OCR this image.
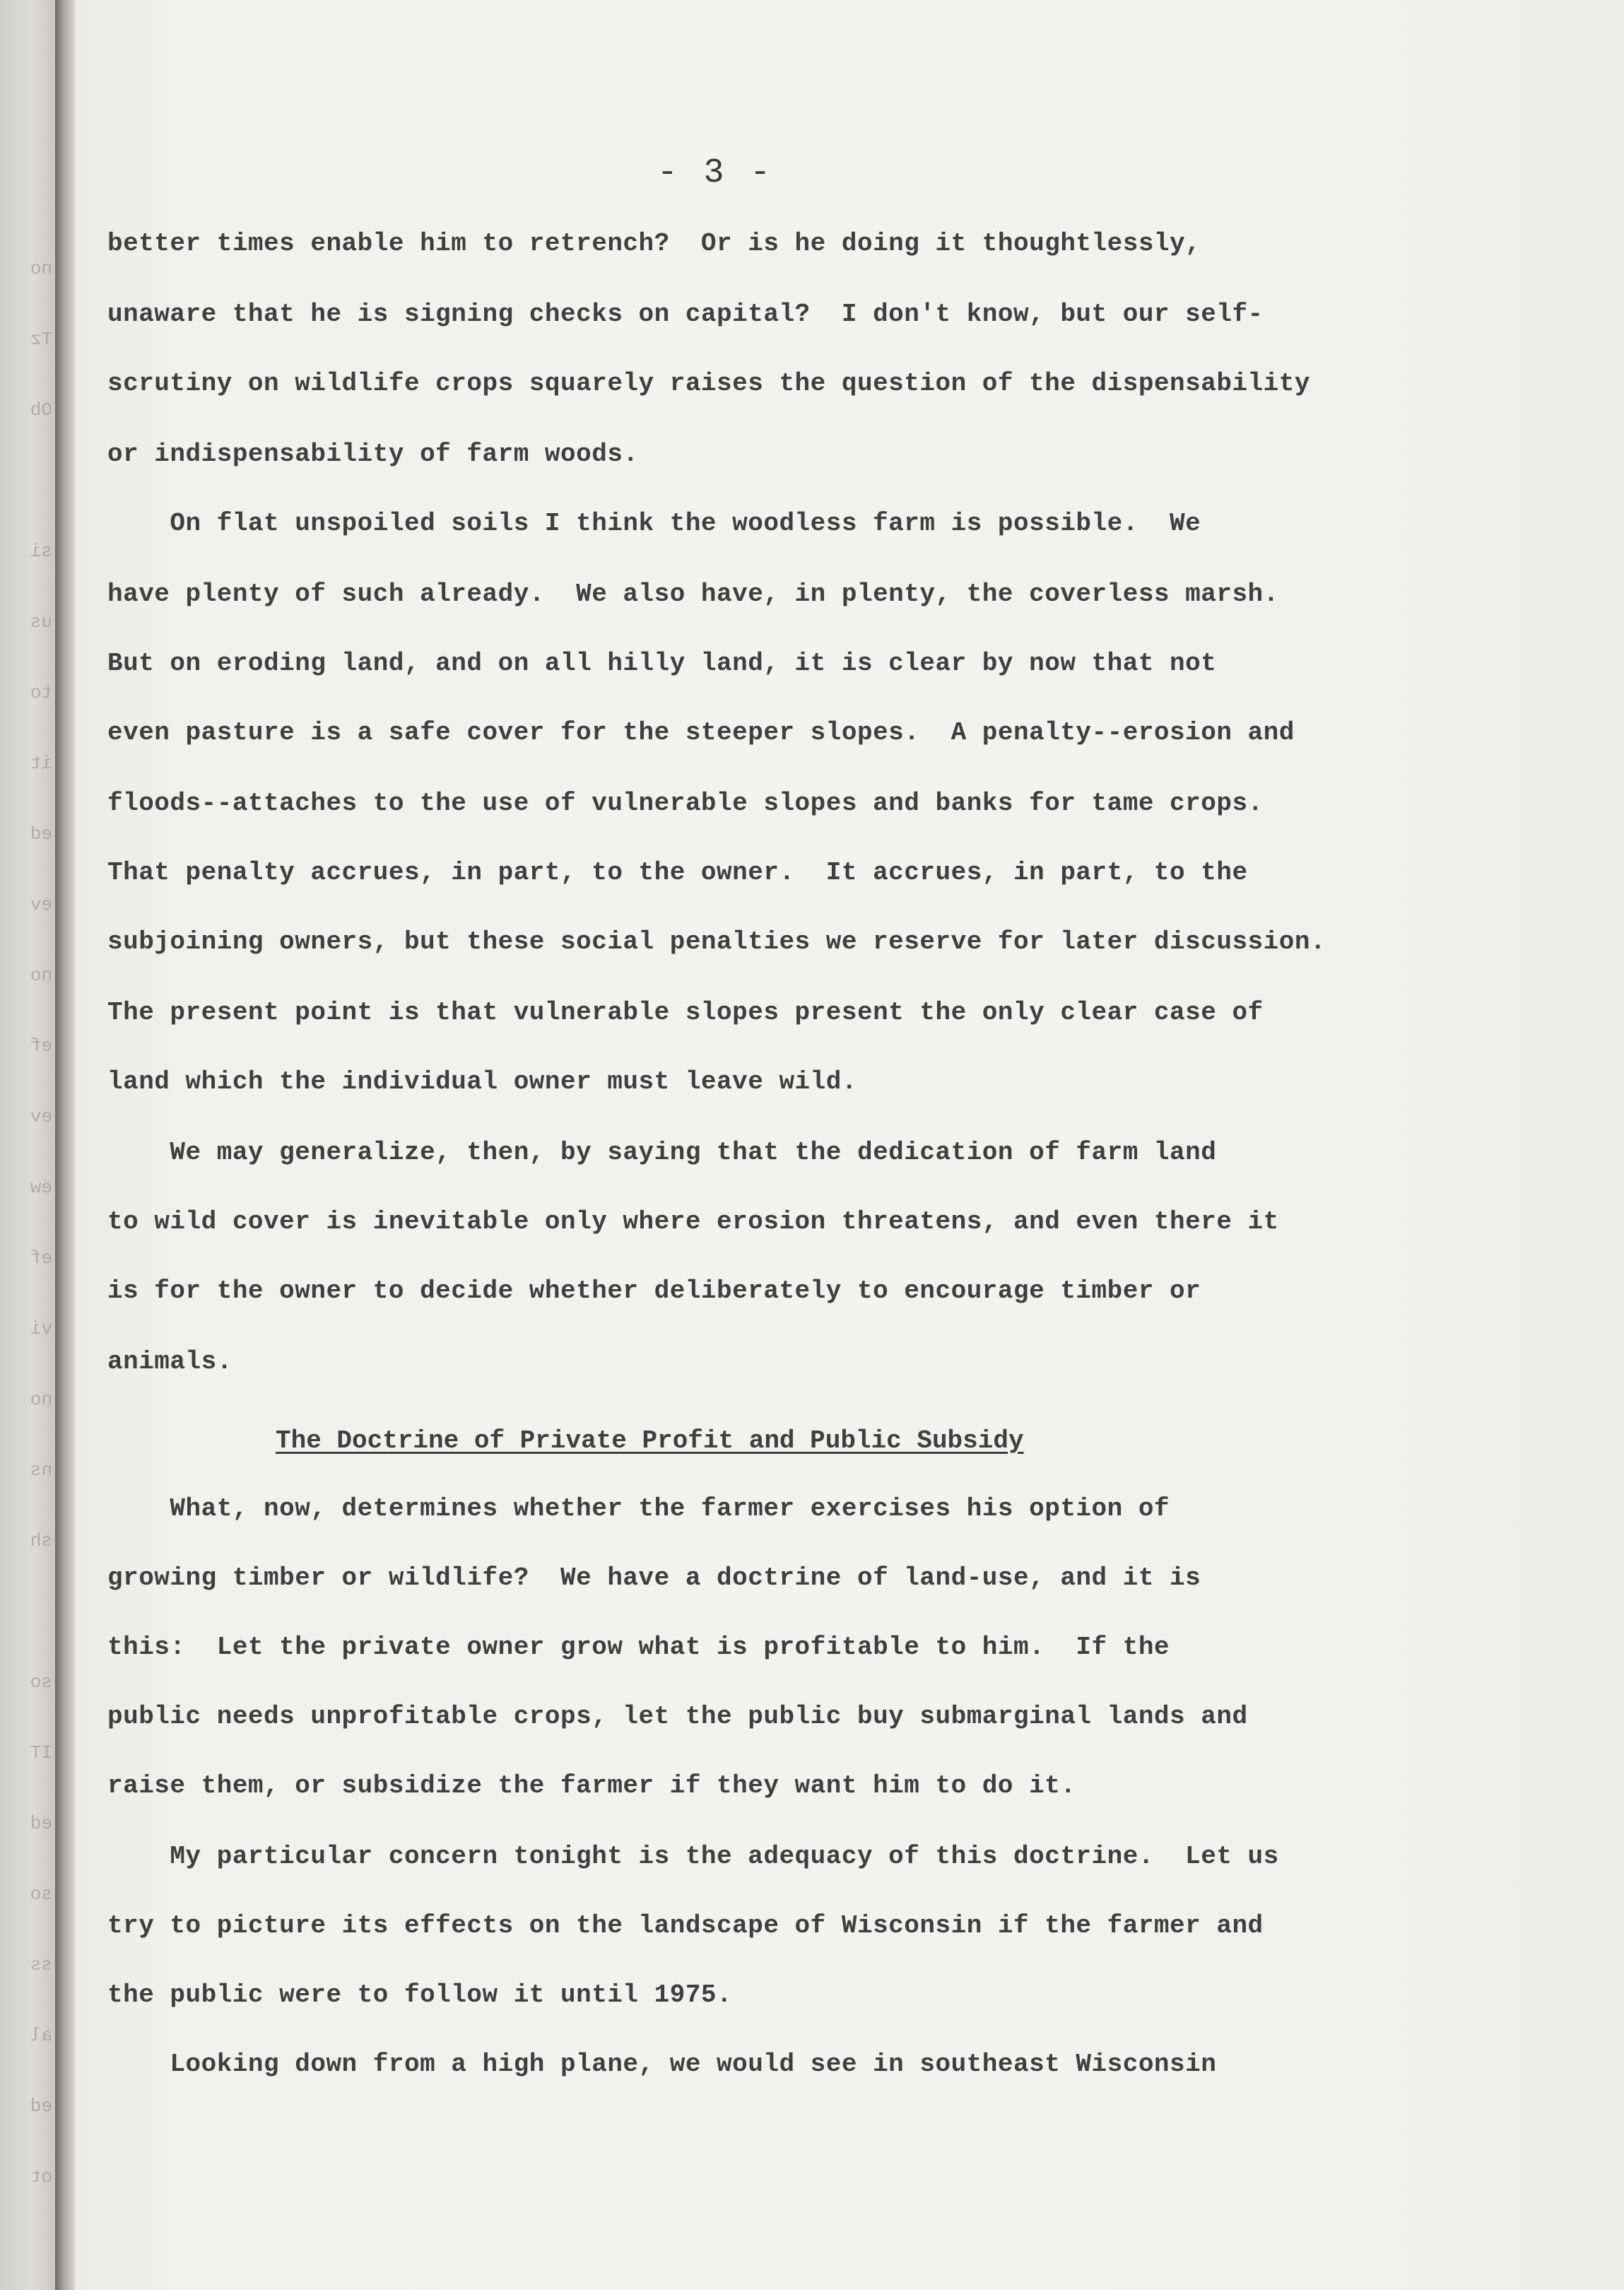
no
Tz
Ob
si
us
to
it
ed
ev
no
ef
ev
ew
ef
vi
no
ns
sh
so
IT
ed
so
ss
al
ed
ot
- 3 -
better times enable him to retrench?  Or is he doing it thoughtlessly,
unaware that he is signing checks on capital?  I don't know, but our self-
scrutiny on wildlife crops squarely raises the question of the dispensability
or indispensability of farm woods.
On flat unspoiled soils I think the woodless farm is possible.  We
have plenty of such already.  We also have, in plenty, the coverless marsh.
But on eroding land, and on all hilly land, it is clear by now that not
even pasture is a safe cover for the steeper slopes.  A penalty--erosion and
floods--attaches to the use of vulnerable slopes and banks for tame crops.
That penalty accrues, in part, to the owner.  It accrues, in part, to the
subjoining owners, but these social penalties we reserve for later discussion.
The present point is that vulnerable slopes present the only clear case of
land which the individual owner must leave wild.
We may generalize, then, by saying that the dedication of farm land
to wild cover is inevitable only where erosion threatens, and even there it
is for the owner to decide whether deliberately to encourage timber or
animals.
The Doctrine of Private Profit and Public Subsidy
What, now, determines whether the farmer exercises his option of
growing timber or wildlife?  We have a doctrine of land-use, and it is
this:  Let the private owner grow what is profitable to him.  If the
public needs unprofitable crops, let the public buy submarginal lands and
raise them, or subsidize the farmer if they want him to do it.
My particular concern tonight is the adequacy of this doctrine.  Let us
try to picture its effects on the landscape of Wisconsin if the farmer and
the public were to follow it until 1975.
Looking down from a high plane, we would see in southeast Wisconsin
